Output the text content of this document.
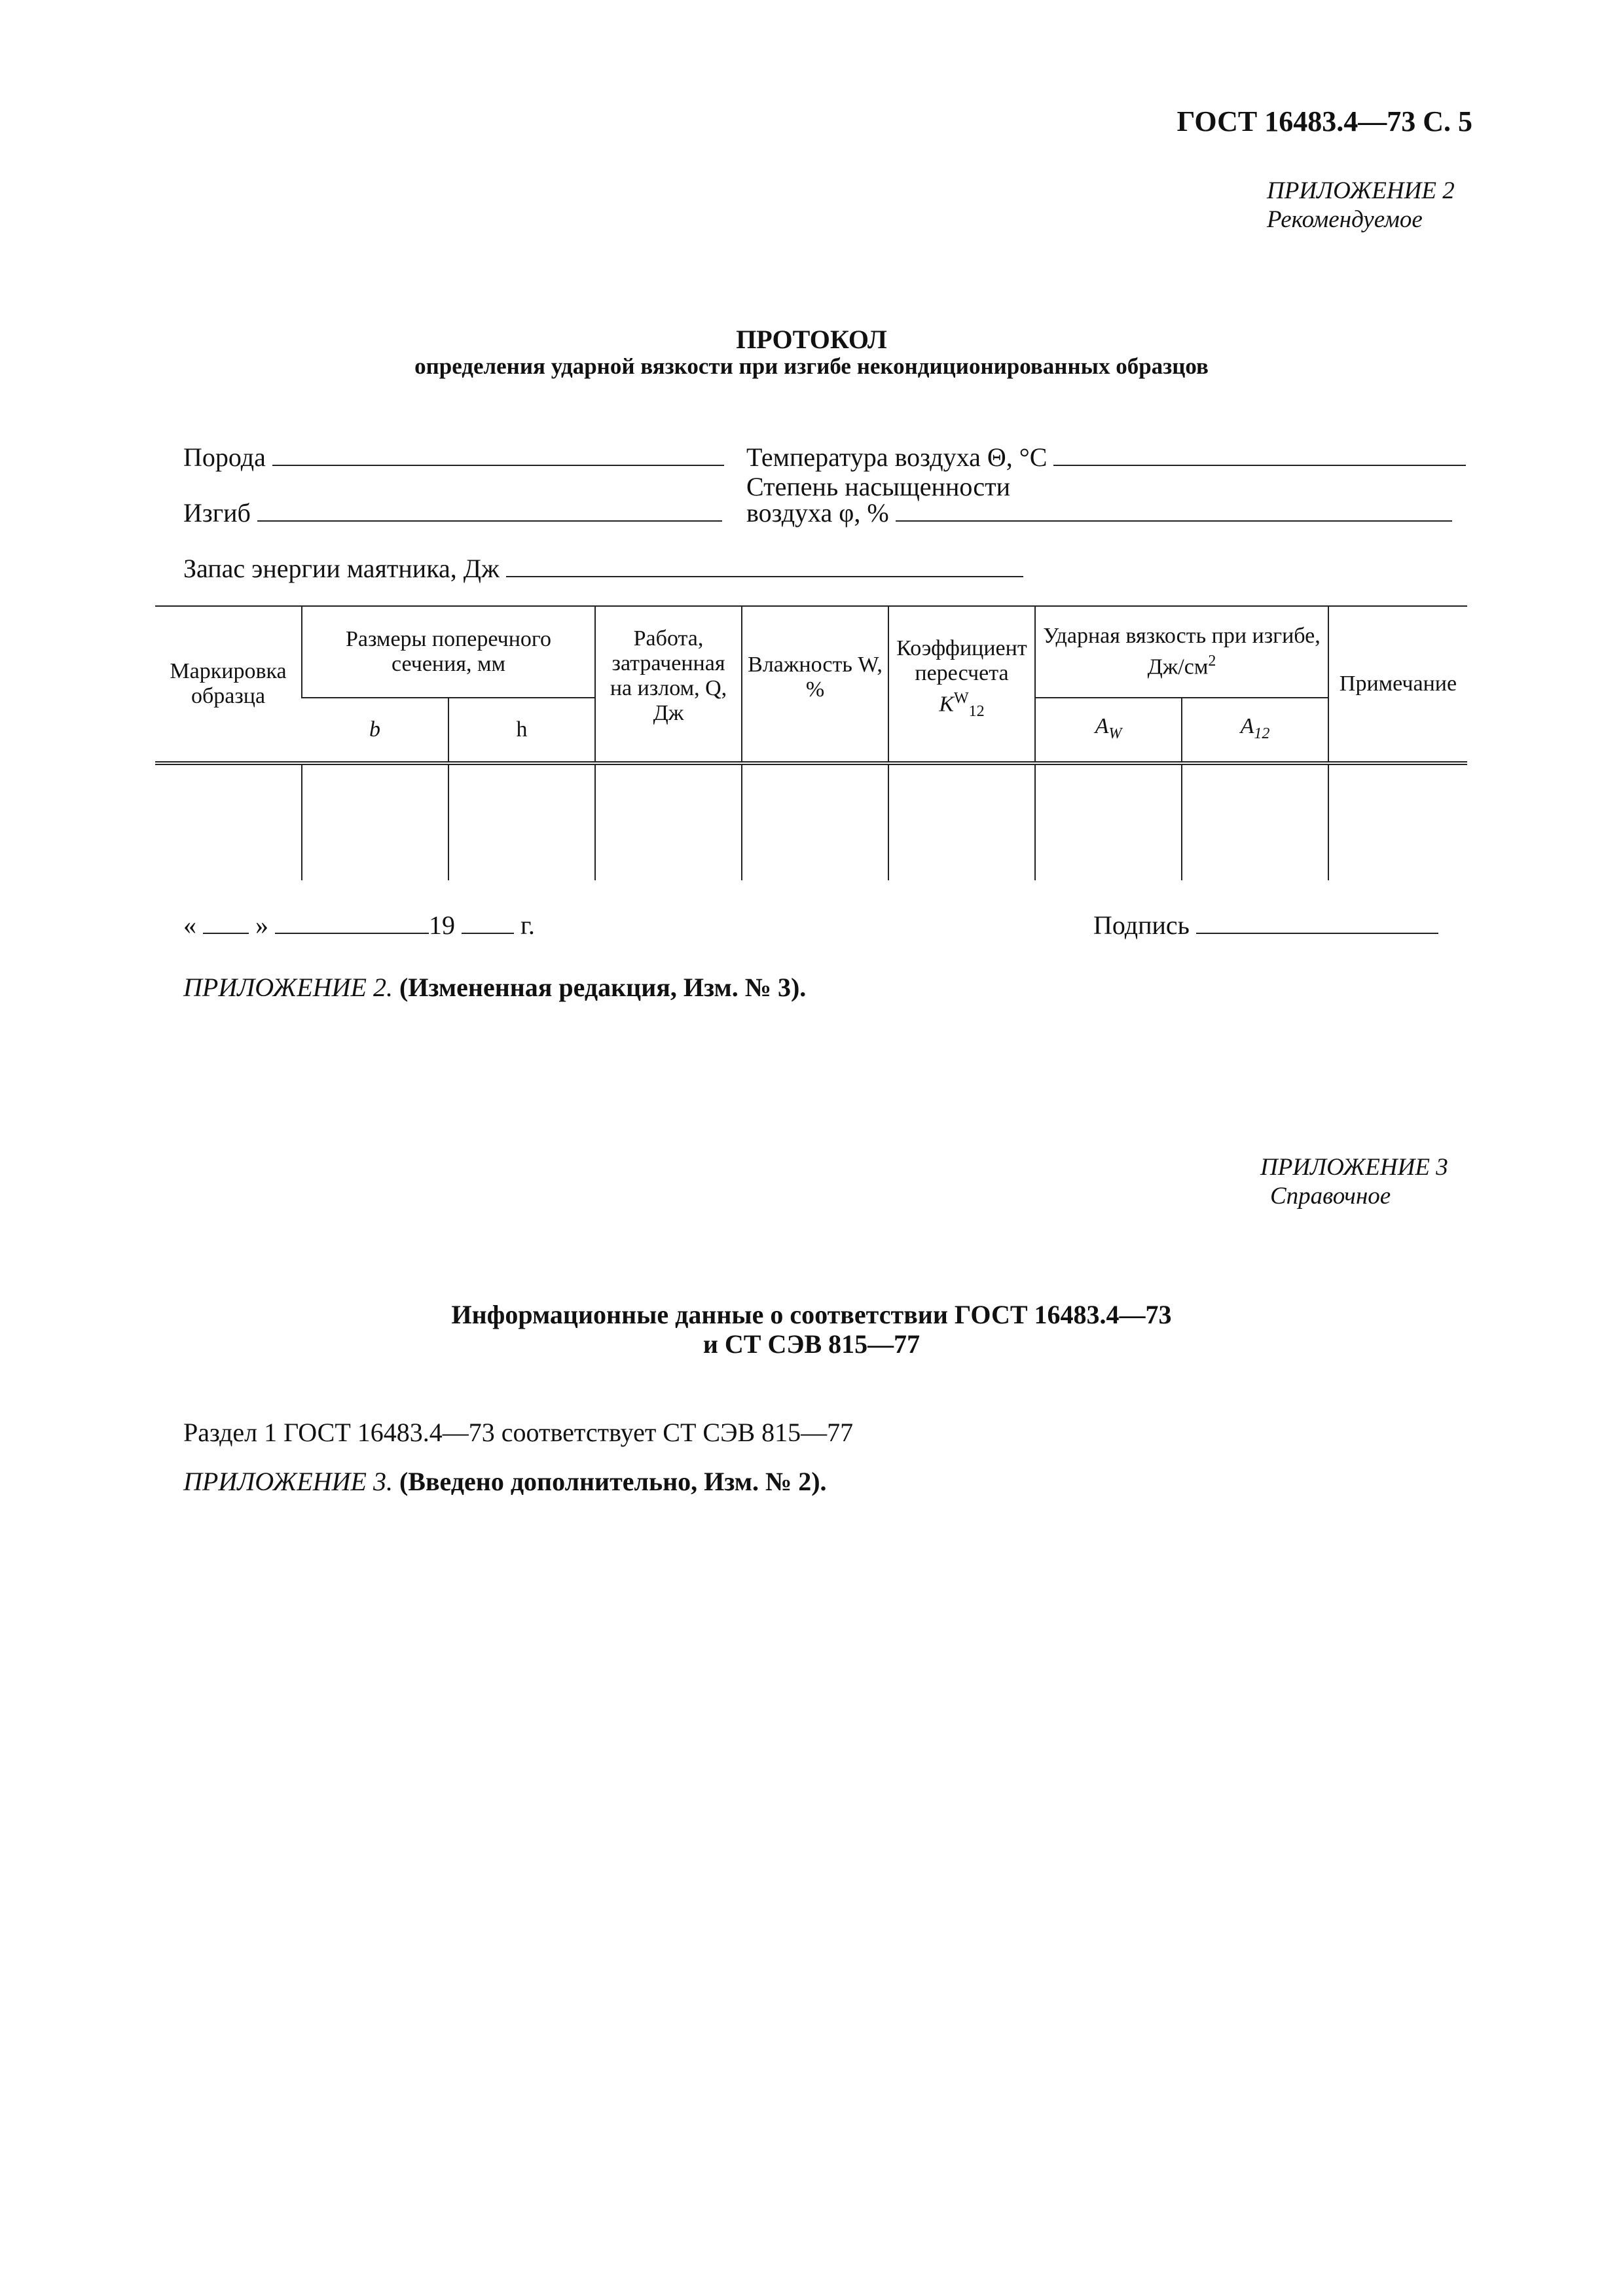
ГОСТ 16483.4—73 С. 5
ПРИЛОЖЕНИЕ 2
Рекомендуемое
ПРОТОКОЛ
определения ударной вязкости при изгибе некондиционированных образцов
Порода	Температура воздуха Θ, °С
Степень насыщенности
Изгиб	воздуха φ, %
Запас энергии маятника, Дж
Маркировка образца	Размеры поперечного сечения, мм		Работа, затраченная на излом, Q, Дж	Влажность W, %	Коэффициент пересчета $K^W_{12}$	Ударная вязкость при изгибе, $Дж/см^2$		Примечание
	b	h				$A_W$	$A_{12}$

« »	19	г.	Подпись
ПРИЛОЖЕНИЕ 2. (Измененная редакция, Изм. № 3).
ПРИЛОЖЕНИЕ 3
Справочное
Информационные данные о соответствии ГОСТ 16483.4—73
и СТ СЭВ 815—77
Раздел 1 ГОСТ 16483.4—73 соответствует СТ СЭВ 815—77
ПРИЛОЖЕНИЕ 3. (Введено дополнительно, Изм. № 2).
